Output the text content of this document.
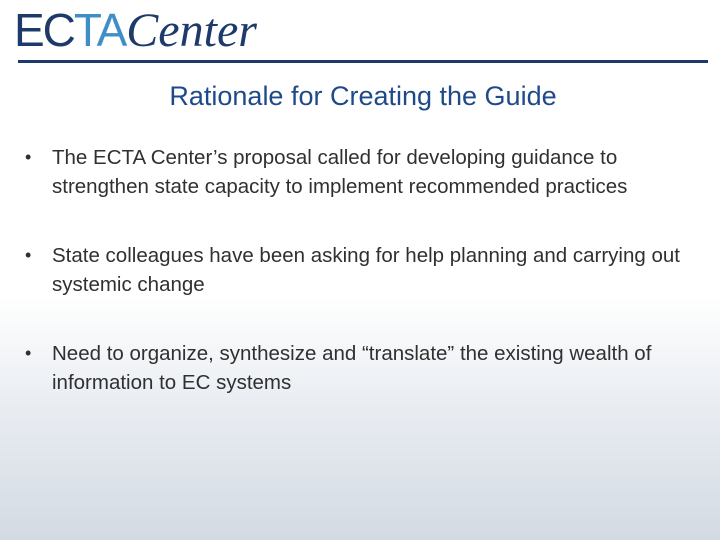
EC TA Center
Rationale for Creating the Guide
• The ECTA Center’s proposal called for developing guidance to strengthen state capacity to implement recommended practices
• State colleagues have been asking for help planning and carrying out systemic change
• Need to organize, synthesize and “translate” the existing wealth of information to EC systems
